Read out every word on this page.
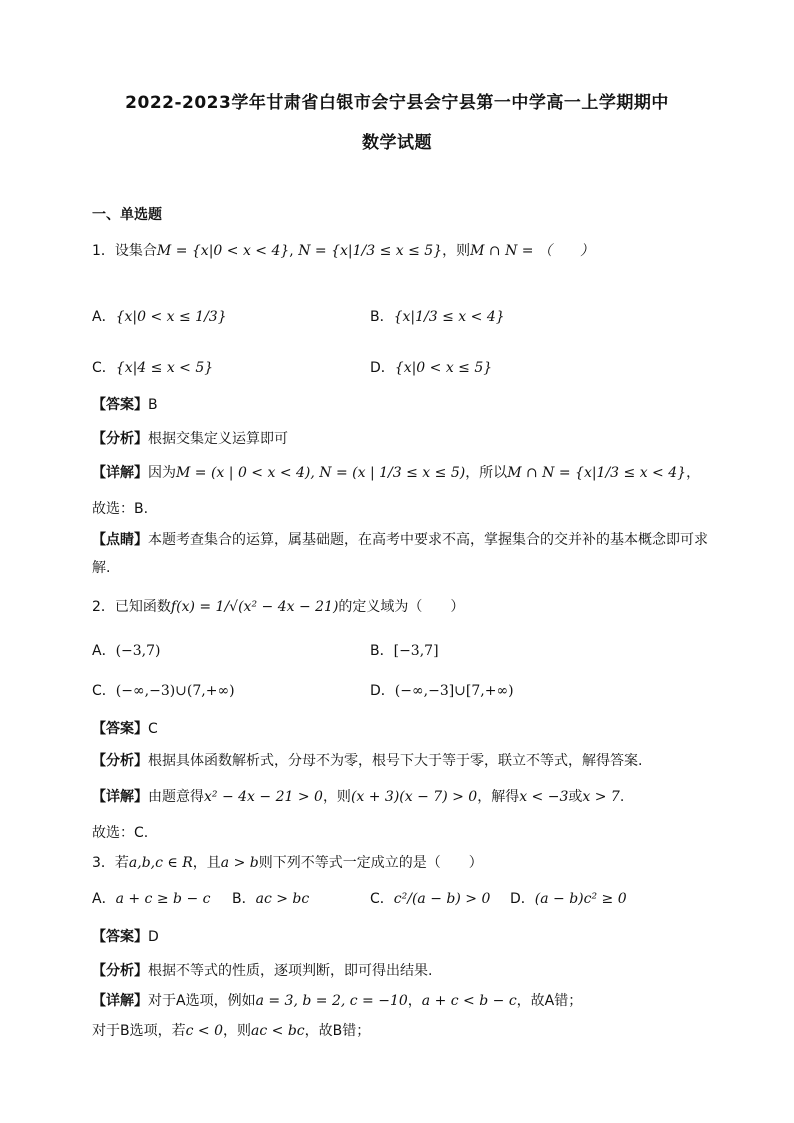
2022-2023学年甘肃省白银市会宁县会宁县第一中学高一上学期期中
数学试题
一、单选题
1．设集合M = {x|0 < x < 4}, N = {x|1/3 ≤ x ≤ 5}，则M ∩ N = （　　）
A．{x|0 < x ≤ 1/3}	B．{x|1/3 ≤ x < 4}
C．{x|4 ≤ x < 5}	D．{x|0 < x ≤ 5}
【答案】B
【分析】根据交集定义运算即可
【详解】因为M = (x | 0 < x < 4), N = (x | 1/3 ≤ x ≤ 5)，所以M ∩ N = {x|1/3 ≤ x < 4}，
故选：B.
【点睛】本题考查集合的运算，属基础题，在高考中要求不高，掌握集合的交并补的基本概念即可求解.
2．已知函数f(x) = 1/√(x² − 4x − 21)的定义域为（　　）
A．(−3,7)	B．[−3,7]
C．(−∞,−3)∪(7,+∞)	D．(−∞,−3]∪[7,+∞)
【答案】C
【分析】根据具体函数解析式，分母不为零，根号下大于等于零，联立不等式，解得答案.
【详解】由题意得x² − 4x − 21 > 0，则(x + 3)(x − 7) > 0，解得x < −3或x > 7.
故选：C.
3．若a,b,c ∈ R，且a > b则下列不等式一定成立的是（　　）
A．a + c ≥ b − c B．ac > bc	C．c²/(a − b) > 0 D．(a − b)c² ≥ 0
【答案】D
【分析】根据不等式的性质，逐项判断，即可得出结果.
【详解】对于A选项，例如a = 3, b = 2, c = −10，a + c < b − c，故A错；
对于B选项，若c < 0，则ac < bc，故B错；
